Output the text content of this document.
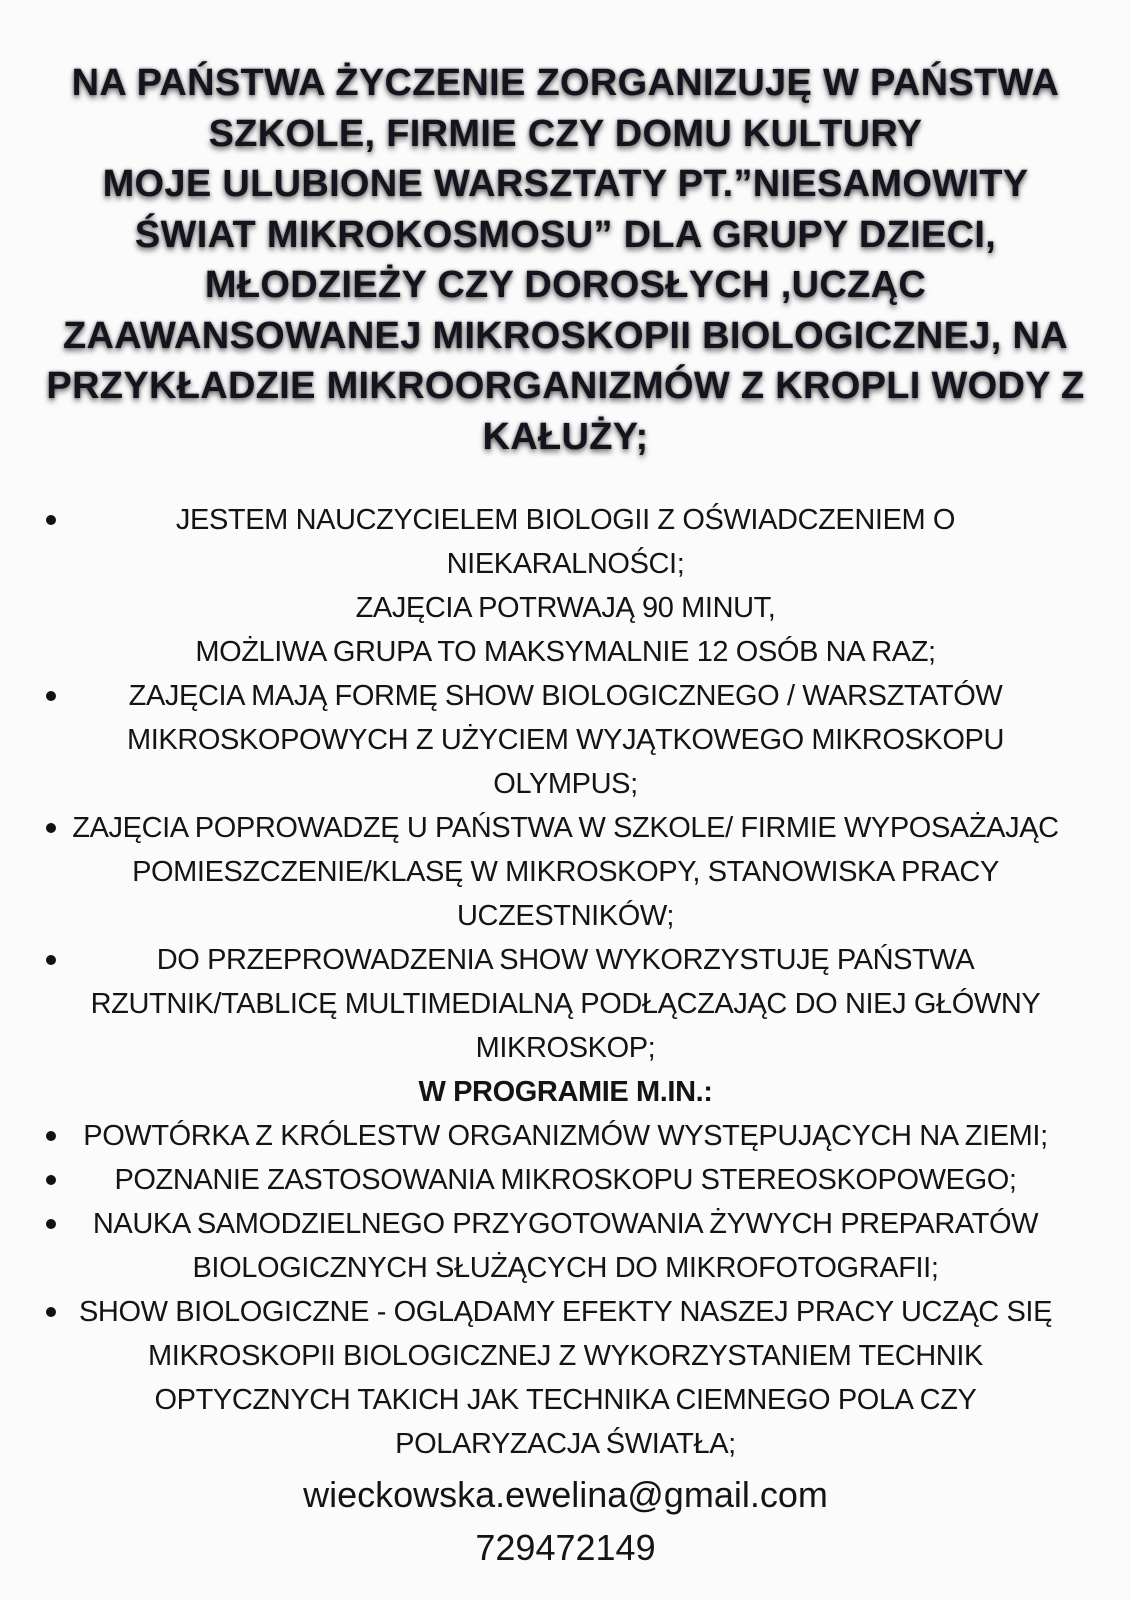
NA PAŃSTWA ŻYCZENIE ZORGANIZUJĘ W PAŃSTWA
SZKOLE, FIRMIE CZY DOMU KULTURY
MOJE ULUBIONE WARSZTATY PT.”NIESAMOWITY
ŚWIAT MIKROKOSMOSU” DLA GRUPY DZIECI,
MŁODZIEŻY CZY DOROSŁYCH ,UCZĄC
ZAAWANSOWANEJ MIKROSKOPII BIOLOGICZNEJ, NA
PRZYKŁADZIE MIKROORGANIZMÓW Z KROPLI WODY Z
KAŁUŻY;
JESTEM NAUCZYCIELEM BIOLOGII Z OŚWIADCZENIEM O
NIEKARALNOŚCI;
ZAJĘCIA POTRWAJĄ 90 MINUT,
MOŻLIWA GRUPA TO MAKSYMALNIE 12 OSÓB NA RAZ;
ZAJĘCIA MAJĄ FORMĘ SHOW BIOLOGICZNEGO / WARSZTATÓW
MIKROSKOPOWYCH Z UŻYCIEM WYJĄTKOWEGO MIKROSKOPU
OLYMPUS;
ZAJĘCIA POPROWADZĘ U PAŃSTWA W SZKOLE/ FIRMIE WYPOSAŻAJĄC
POMIESZCZENIE/KLASĘ W MIKROSKOPY, STANOWISKA PRACY
UCZESTNIKÓW;
DO PRZEPROWADZENIA SHOW WYKORZYSTUJĘ PAŃSTWA
RZUTNIK/TABLICĘ MULTIMEDIALNĄ PODŁĄCZAJĄC DO NIEJ GŁÓWNY
MIKROSKOP;
W PROGRAMIE M.IN.:
POWTÓRKA Z KRÓLESTW ORGANIZMÓW WYSTĘPUJĄCYCH NA ZIEMI;
POZNANIE ZASTOSOWANIA MIKROSKOPU STEREOSKOPOWEGO;
NAUKA SAMODZIELNEGO PRZYGOTOWANIA ŻYWYCH PREPARATÓW
BIOLOGICZNYCH SŁUŻĄCYCH DO MIKROFOTOGRAFII;
SHOW BIOLOGICZNE - OGLĄDAMY EFEKTY NASZEJ PRACY UCZĄC SIĘ
MIKROSKOPII BIOLOGICZNEJ Z WYKORZYSTANIEM TECHNIK
OPTYCZNYCH TAKICH JAK TECHNIKA CIEMNEGO POLA CZY
POLARYZACJA ŚWIATŁA;
wieckowska.ewelina@gmail.com
729472149
